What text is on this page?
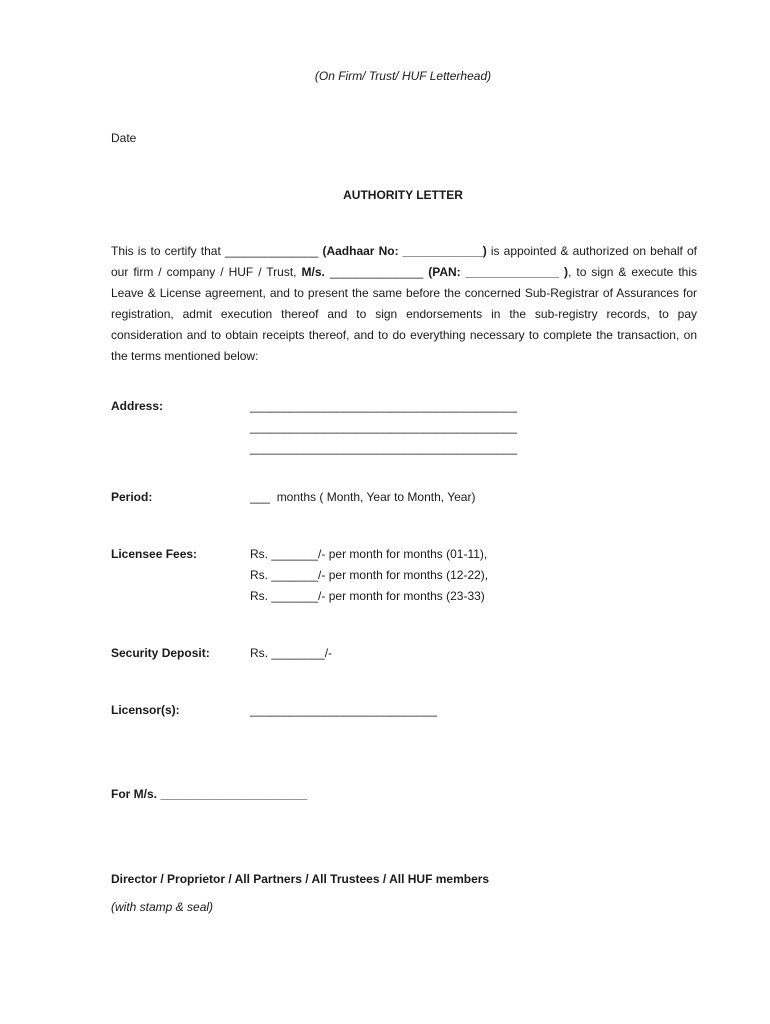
(On Firm/ Trust/ HUF Letterhead)
Date
AUTHORITY LETTER
This is to certify that ______________ (Aadhaar No: ____________) is appointed & authorized on behalf of our firm / company / HUF / Trust, M/s. ______________ (PAN: ______________ ), to sign & execute this Leave & License agreement, and to present the same before the concerned Sub-Registrar of Assurances for registration, admit execution thereof and to sign endorsements in the sub-registry records, to pay consideration and to obtain receipts thereof, and to do everything necessary to complete the transaction, on the terms mentioned below:
Address:	________________________________________
________________________________________
________________________________________
Period:	___  months ( Month, Year to Month, Year)
Licensee Fees:	Rs. _______/- per month for months (01-11),
Rs. _______/- per month for months (12-22),
Rs. _______/- per month for months (23-33)
Security Deposit:	Rs. ________/-
Licensor(s):	____________________________
For M/s. ______________________
Director / Proprietor / All Partners / All Trustees / All HUF members
(with stamp & seal)
